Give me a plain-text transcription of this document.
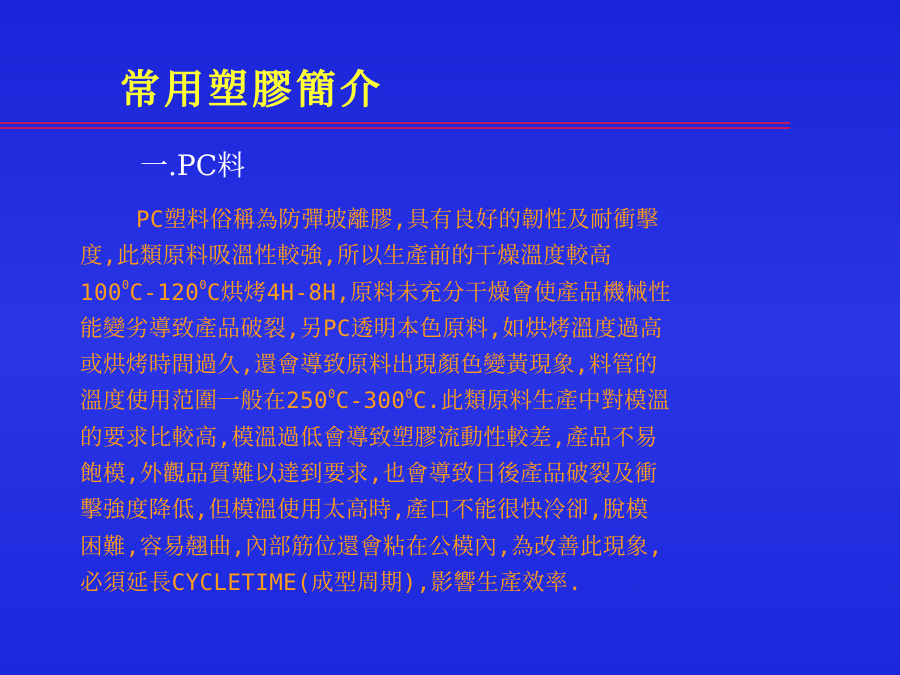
常用塑膠簡介
一.PC料
PC塑料俗稱為防彈玻離膠,具有良好的韌性及耐衝擊
度,此類原料吸溫性較強,所以生產前的干燥溫度較高
$100^0C-120^0C$烘烤4H-8H,原料未充分干燥會使產品機械性
能變劣導致產品破裂,另PC透明本色原料,如烘烤溫度過高
或烘烤時間過久,還會導致原料出現顏色變黃現象,料管的
溫度使用范圍一般在$250^0C-300^0C$.此類原料生產中對模溫
的要求比較高,模溫過低會導致塑膠流動性較差,產品不易
飽模,外觀品質難以達到要求,也會導致日後產品破裂及衝
擊強度降低,但模溫使用太高時,產口不能很快冷卻,脫模
困難,容易翹曲,內部筋位還會粘在公模內,為改善此現象,
必須延長CYCLETIME(成型周期),影響生產效率.
